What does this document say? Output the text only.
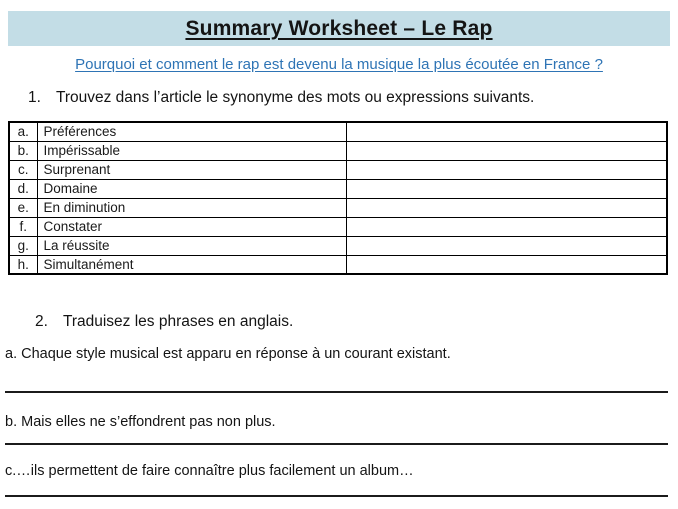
Summary Worksheet – Le Rap
Pourquoi et comment le rap est devenu la musique la plus écoutée en France ?
1. Trouvez dans l’article le synonyme des mots ou expressions suivants.
a.	Préférences	
b.	Impérissable	
c.	Surprenant	
d.	Domaine	
e.	En diminution	
f.	Constater	
g.	La réussite	
h.	Simultanément	
2. Traduisez les phrases en anglais.
a. Chaque style musical est apparu en réponse à un courant existant.
b. Mais elles ne s’effondrent pas non plus.
c.…ils permettent de faire connaître plus facilement un album…
